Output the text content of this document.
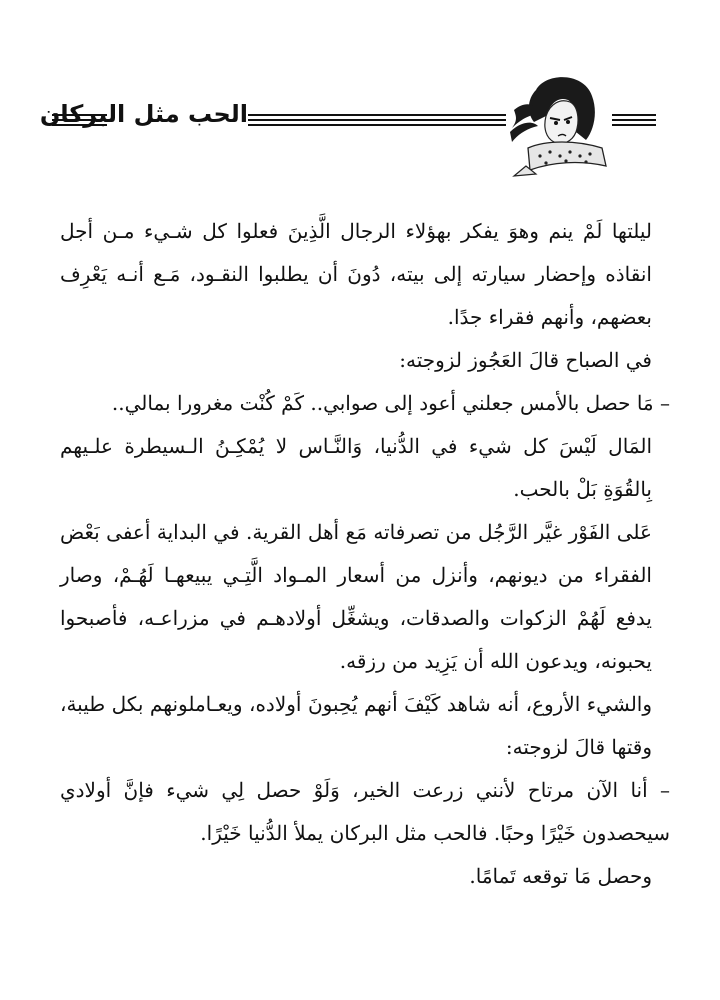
الحب مثل البركان

ليلتها لَمْ ينم وهوَ يفكر بهؤلاء الرجال الَّذِينَ فعلوا كل شـيء مـن أجل انقاذه وإحضار سيارته إلى بيته، دُونَ أن يطلبوا النقـود، مَـع أنـه يَعْرِف بعضهم، وأنهم فقراء جدًا.

في الصباح قالَ العَجُوز لزوجته:

– مَا حصل بالأمس جعلني أعود إلى صوابي.. كَمْ كُنْت مغرورا بمالي..

المَال لَيْسَ كل شيء في الدُّنيا، وَالنَّـاس لا يُمْكِـنُ الـسيطرة علـيهم بِالقُوَةِ بَلْ بالحب.

عَلى الفَوْر غيَّر الرَّجُل من تصرفاته مَع أهل القرية. في البداية أعفى بَعْض الفقراء من ديونهم، وأنزل من أسعار المـواد الَّتِـي يبيعهـا لَهُـمْ، وصار يدفع لَهُمْ الزكوات والصدقات، ويشغِّل أولادهـم في مزراعـه، فأصبحوا يحبونه، ويدعون الله أن يَزِيد من رزقه.

والشيء الأروع، أنه شاهد كَيْفَ أنهم يُحِبونَ أولاده، ويعـاملونهم بكل طيبة، وقتها قالَ لزوجته:

– أنا الآن مرتاح لأنني زرعت الخير، وَلَوْ حصل لِي شيء فإنَّ أولادي سيحصدون خَيْرًا وحبًا. فالحب مثل البركان يملأ الدُّنيا خَيْرًا.

وحصل مَا توقعه تَمامًا.
